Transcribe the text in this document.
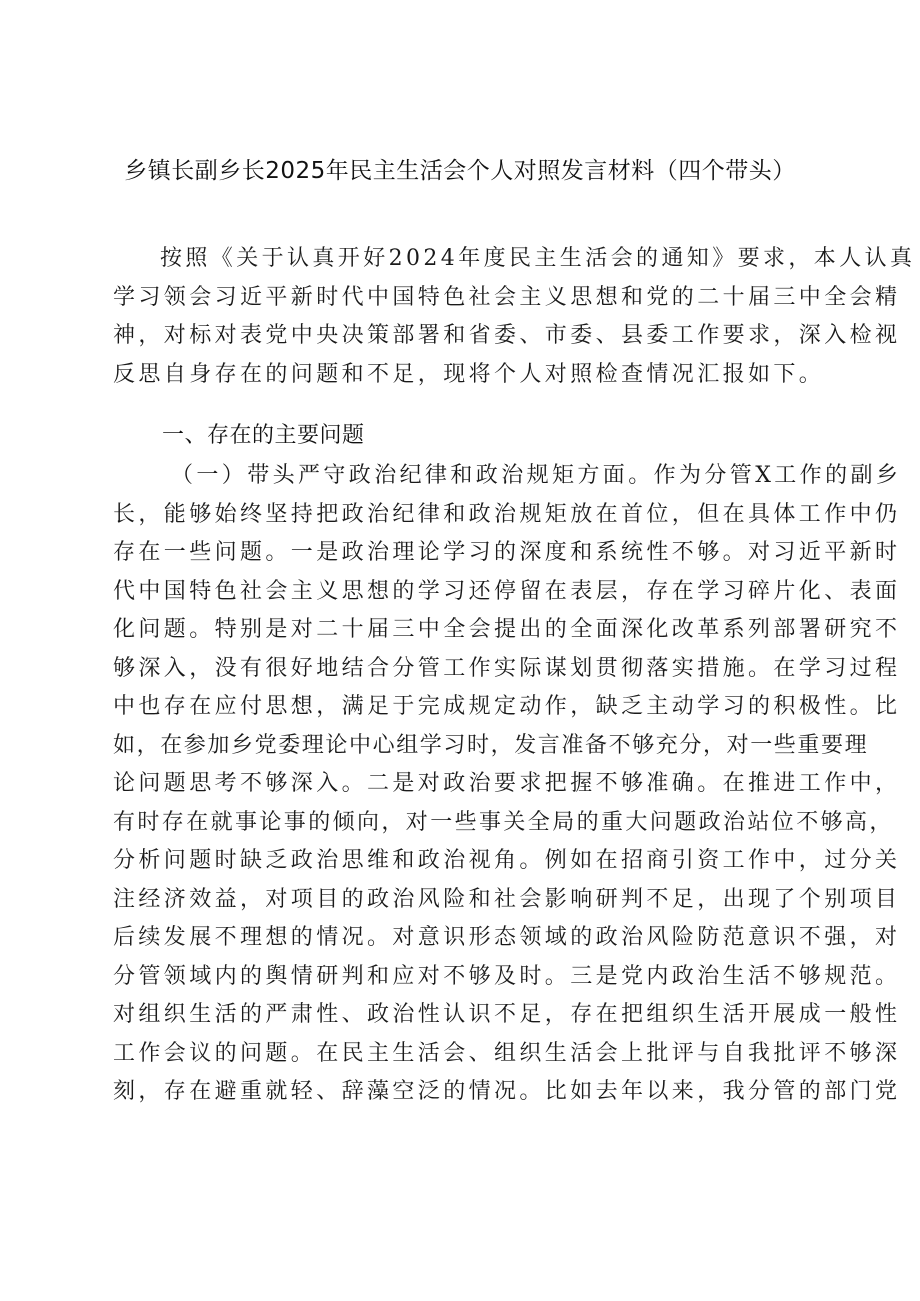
乡镇长副乡长2025年民主生活会个人对照发言材料（四个带头）
按照《关于认真开好2024年度民主生活会的通知》要求，本人认真
学习领会习近平新时代中国特色社会主义思想和党的二十届三中全会精
神，对标对表党中央决策部署和省委、市委、县委工作要求，深入检视
反思自身存在的问题和不足，现将个人对照检查情况汇报如下。
一、存在的主要问题
（一）带头严守政治纪律和政治规矩方面。作为分管X工作的副乡
长，能够始终坚持把政治纪律和政治规矩放在首位，但在具体工作中仍
存在一些问题。一是政治理论学习的深度和系统性不够。对习近平新时
代中国特色社会主义思想的学习还停留在表层，存在学习碎片化、表面
化问题。特别是对二十届三中全会提出的全面深化改革系列部署研究不
够深入，没有很好地结合分管工作实际谋划贯彻落实措施。在学习过程
中也存在应付思想，满足于完成规定动作，缺乏主动学习的积极性。比
如，在参加乡党委理论中心组学习时，发言准备不够充分，对一些重要理
论问题思考不够深入。二是对政治要求把握不够准确。在推进工作中，
有时存在就事论事的倾向，对一些事关全局的重大问题政治站位不够高，
分析问题时缺乏政治思维和政治视角。例如在招商引资工作中，过分关
注经济效益，对项目的政治风险和社会影响研判不足，出现了个别项目
后续发展不理想的情况。对意识形态领域的政治风险防范意识不强，对
分管领域内的舆情研判和应对不够及时。三是党内政治生活不够规范。
对组织生活的严肃性、政治性认识不足，存在把组织生活开展成一般性
工作会议的问题。在民主生活会、组织生活会上批评与自我批评不够深
刻，存在避重就轻、辞藻空泛的情况。比如去年以来，我分管的部门党
